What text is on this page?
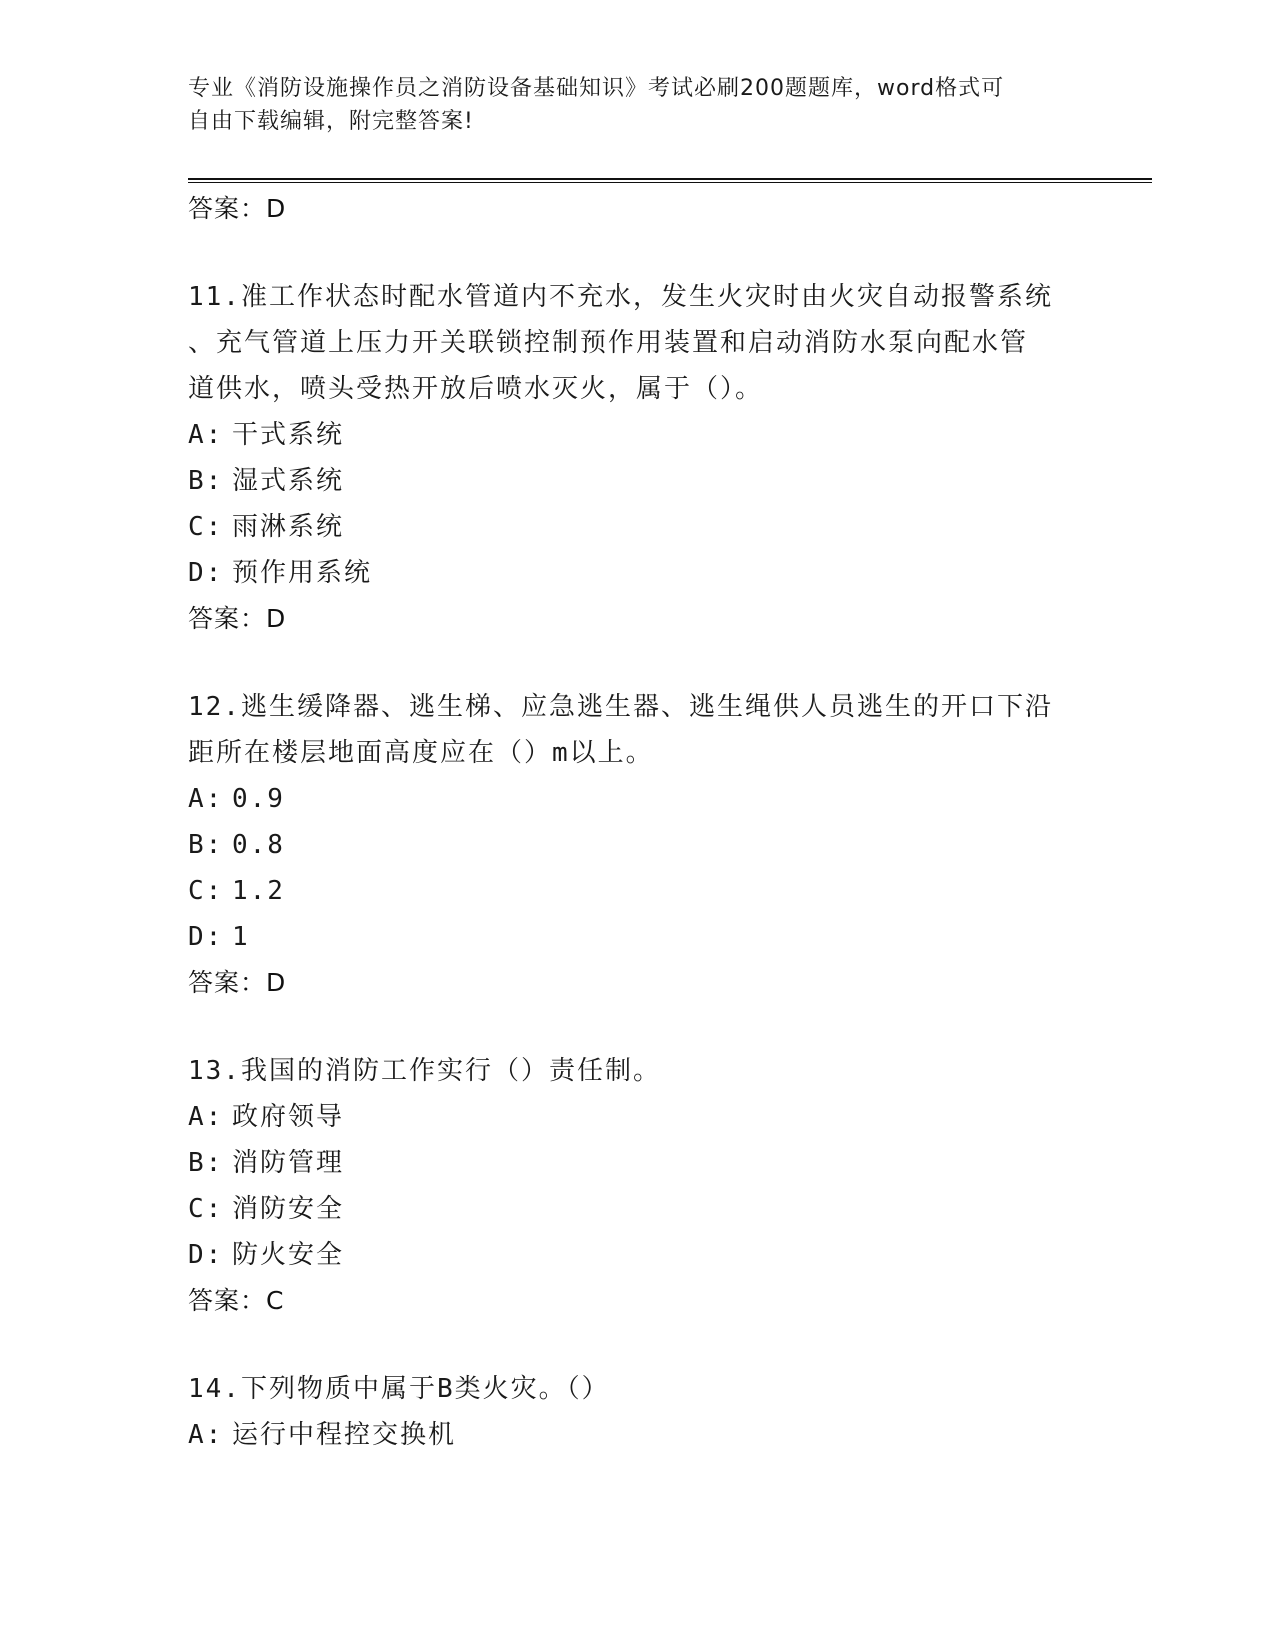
专业《消防设施操作员之消防设备基础知识》考试必刷200题题库，word格式可
自由下载编辑，附完整答案!
答案：D
11.准工作状态时配水管道内不充水，发生火灾时由火灾自动报警系统
、充气管道上压力开关联锁控制预作用装置和启动消防水泵向配水管
道供水，喷头受热开放后喷水灭火，属于（）。
A: 干式系统
B: 湿式系统
C: 雨淋系统
D: 预作用系统
答案：D
12.逃生缓降器、逃生梯、应急逃生器、逃生绳供人员逃生的开口下沿
距所在楼层地面高度应在（）m以上。
A: 0.9
B: 0.8
C: 1.2
D: 1
答案：D
13.我国的消防工作实行（）责任制。
A: 政府领导
B: 消防管理
C: 消防安全
D: 防火安全
答案：C
14.下列物质中属于B类火灾。（）
A: 运行中程控交换机
